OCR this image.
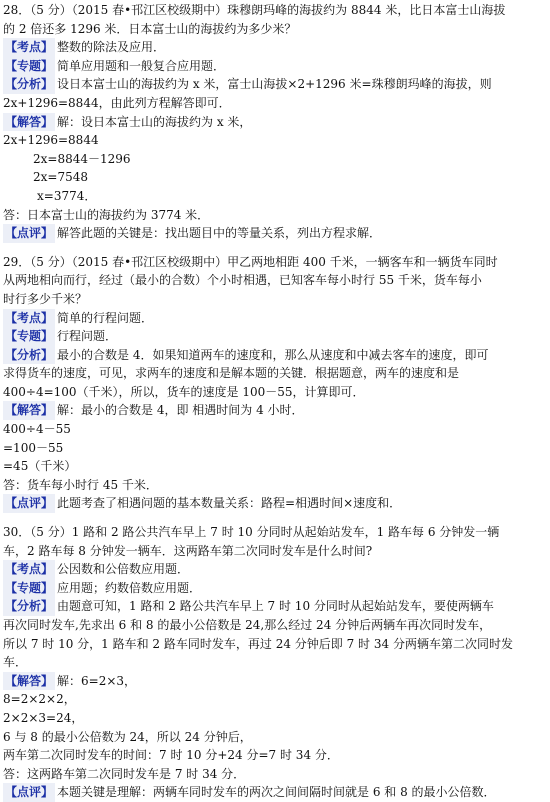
28．（5 分）（2015 春•邗江区校级期中）珠穆朗玛峰的海拔约为 8844 米，比日本富士山海拔
的 2 倍还多 1296 米．日本富士山的海拔约为多少米？
【考点】 整数的除法及应用．
【专题】 简单应用题和一般复合应用题．
【分析】 设日本富士山的海拔约为 x 米，富士山海拔×2+1296 米=珠穆朗玛峰的海拔，则
2x+1296=8844，由此列方程解答即可．
【解答】 解：设日本富士山的海拔约为 x 米，
2x+1296=8844
2x=8844－1296
2x=7548
x=3774．
答：日本富士山的海拔约为 3774 米．
【点评】 解答此题的关键是：找出题目中的等量关系，列出方程求解．
29．（5 分）（2015 春•邗江区校级期中）甲乙两地相距 400 千米，一辆客车和一辆货车同时
从两地相向而行，经过（最小的合数）个小时相遇，已知客车每小时行 55 千米，货车每小
时行多少千米？
【考点】 简单的行程问题．
【专题】 行程问题．
【分析】 最小的合数是 4．如果知道两车的速度和，那么从速度和中减去客车的速度，即可
求得货车的速度，可见，求两车的速度和是解本题的关键．根据题意，两车的速度和是
400÷4=100（千米），所以，货车的速度是 100－55，计算即可．
【解答】 解：最小的合数是 4，即 相遇时间为 4 小时．
400÷4－55
=100－55
=45（千米）
答：货车每小时行 45 千米．
【点评】 此题考查了相遇问题的基本数量关系：路程=相遇时间×速度和．
30．（5 分）1 路和 2 路公共汽车早上 7 时 10 分同时从起始站发车，1 路车每 6 分钟发一辆
车，2 路车每 8 分钟发一辆车．这两路车第二次同时发车是什么时间?
【考点】 公因数和公倍数应用题．
【专题】 应用题；约数倍数应用题．
【分析】 由题意可知，1 路和 2 路公共汽车早上 7 时 10 分同时从起始站发车，要使两辆车
再次同时发车,先求出 6 和 8 的最小公倍数是 24,那么经过 24 分钟后两辆车再次同时发车，
所以 7 时 10 分，1 路车和 2 路车同时发车，再过 24 分钟后即 7 时 34 分两辆车第二次同时发
车．
【解答】 解：6=2×3，
8=2×2×2，
2×2×3=24，
6 与 8 的最小公倍数为 24，所以 24 分钟后，
两车第二次同时发车的时间：7 时 10 分+24 分=7 时 34 分．
答：这两路车第二次同时发车是 7 时 34 分．
【点评】 本题关键是理解：两辆车同时发车的两次之间间隔时间就是 6 和 8 的最小公倍数．
